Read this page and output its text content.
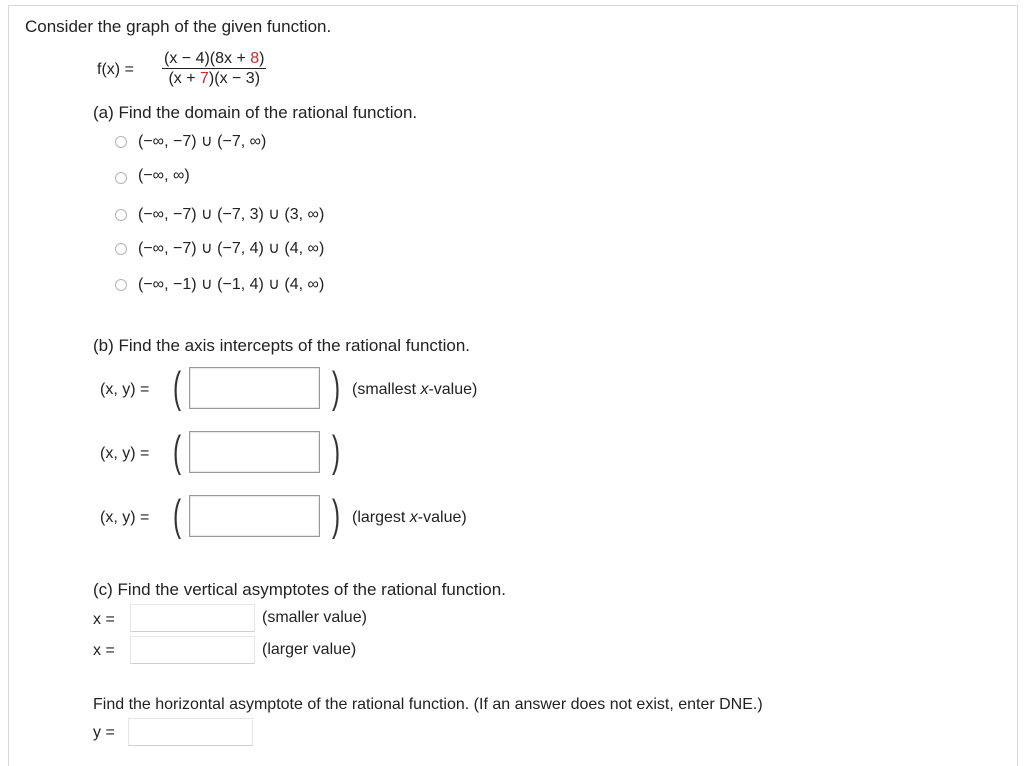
Consider the graph of the given function.
$f(x) = \frac{(x - 4)(8x + 8)}{(x + 7)(x - 3)}$
(a) Find the domain of the rational function.
(−∞, −7) ∪ (−7, ∞)
(−∞, ∞)
(−∞, −7) ∪ (−7, 3) ∪ (3, ∞)
(−∞, −7) ∪ (−7, 4) ∪ (4, ∞)
(−∞, −1) ∪ (−1, 4) ∪ (4, ∞)
(b) Find the axis intercepts of the rational function.
(x, y) = (	) (smallest x-value)
(x, y) = (	)
(x, y) = (	) (largest x-value)
(c) Find the vertical asymptotes of the rational function.
x =	(smaller value)
x =	(larger value)
Find the horizontal asymptote of the rational function. (If an answer does not exist, enter DNE.)
y =
